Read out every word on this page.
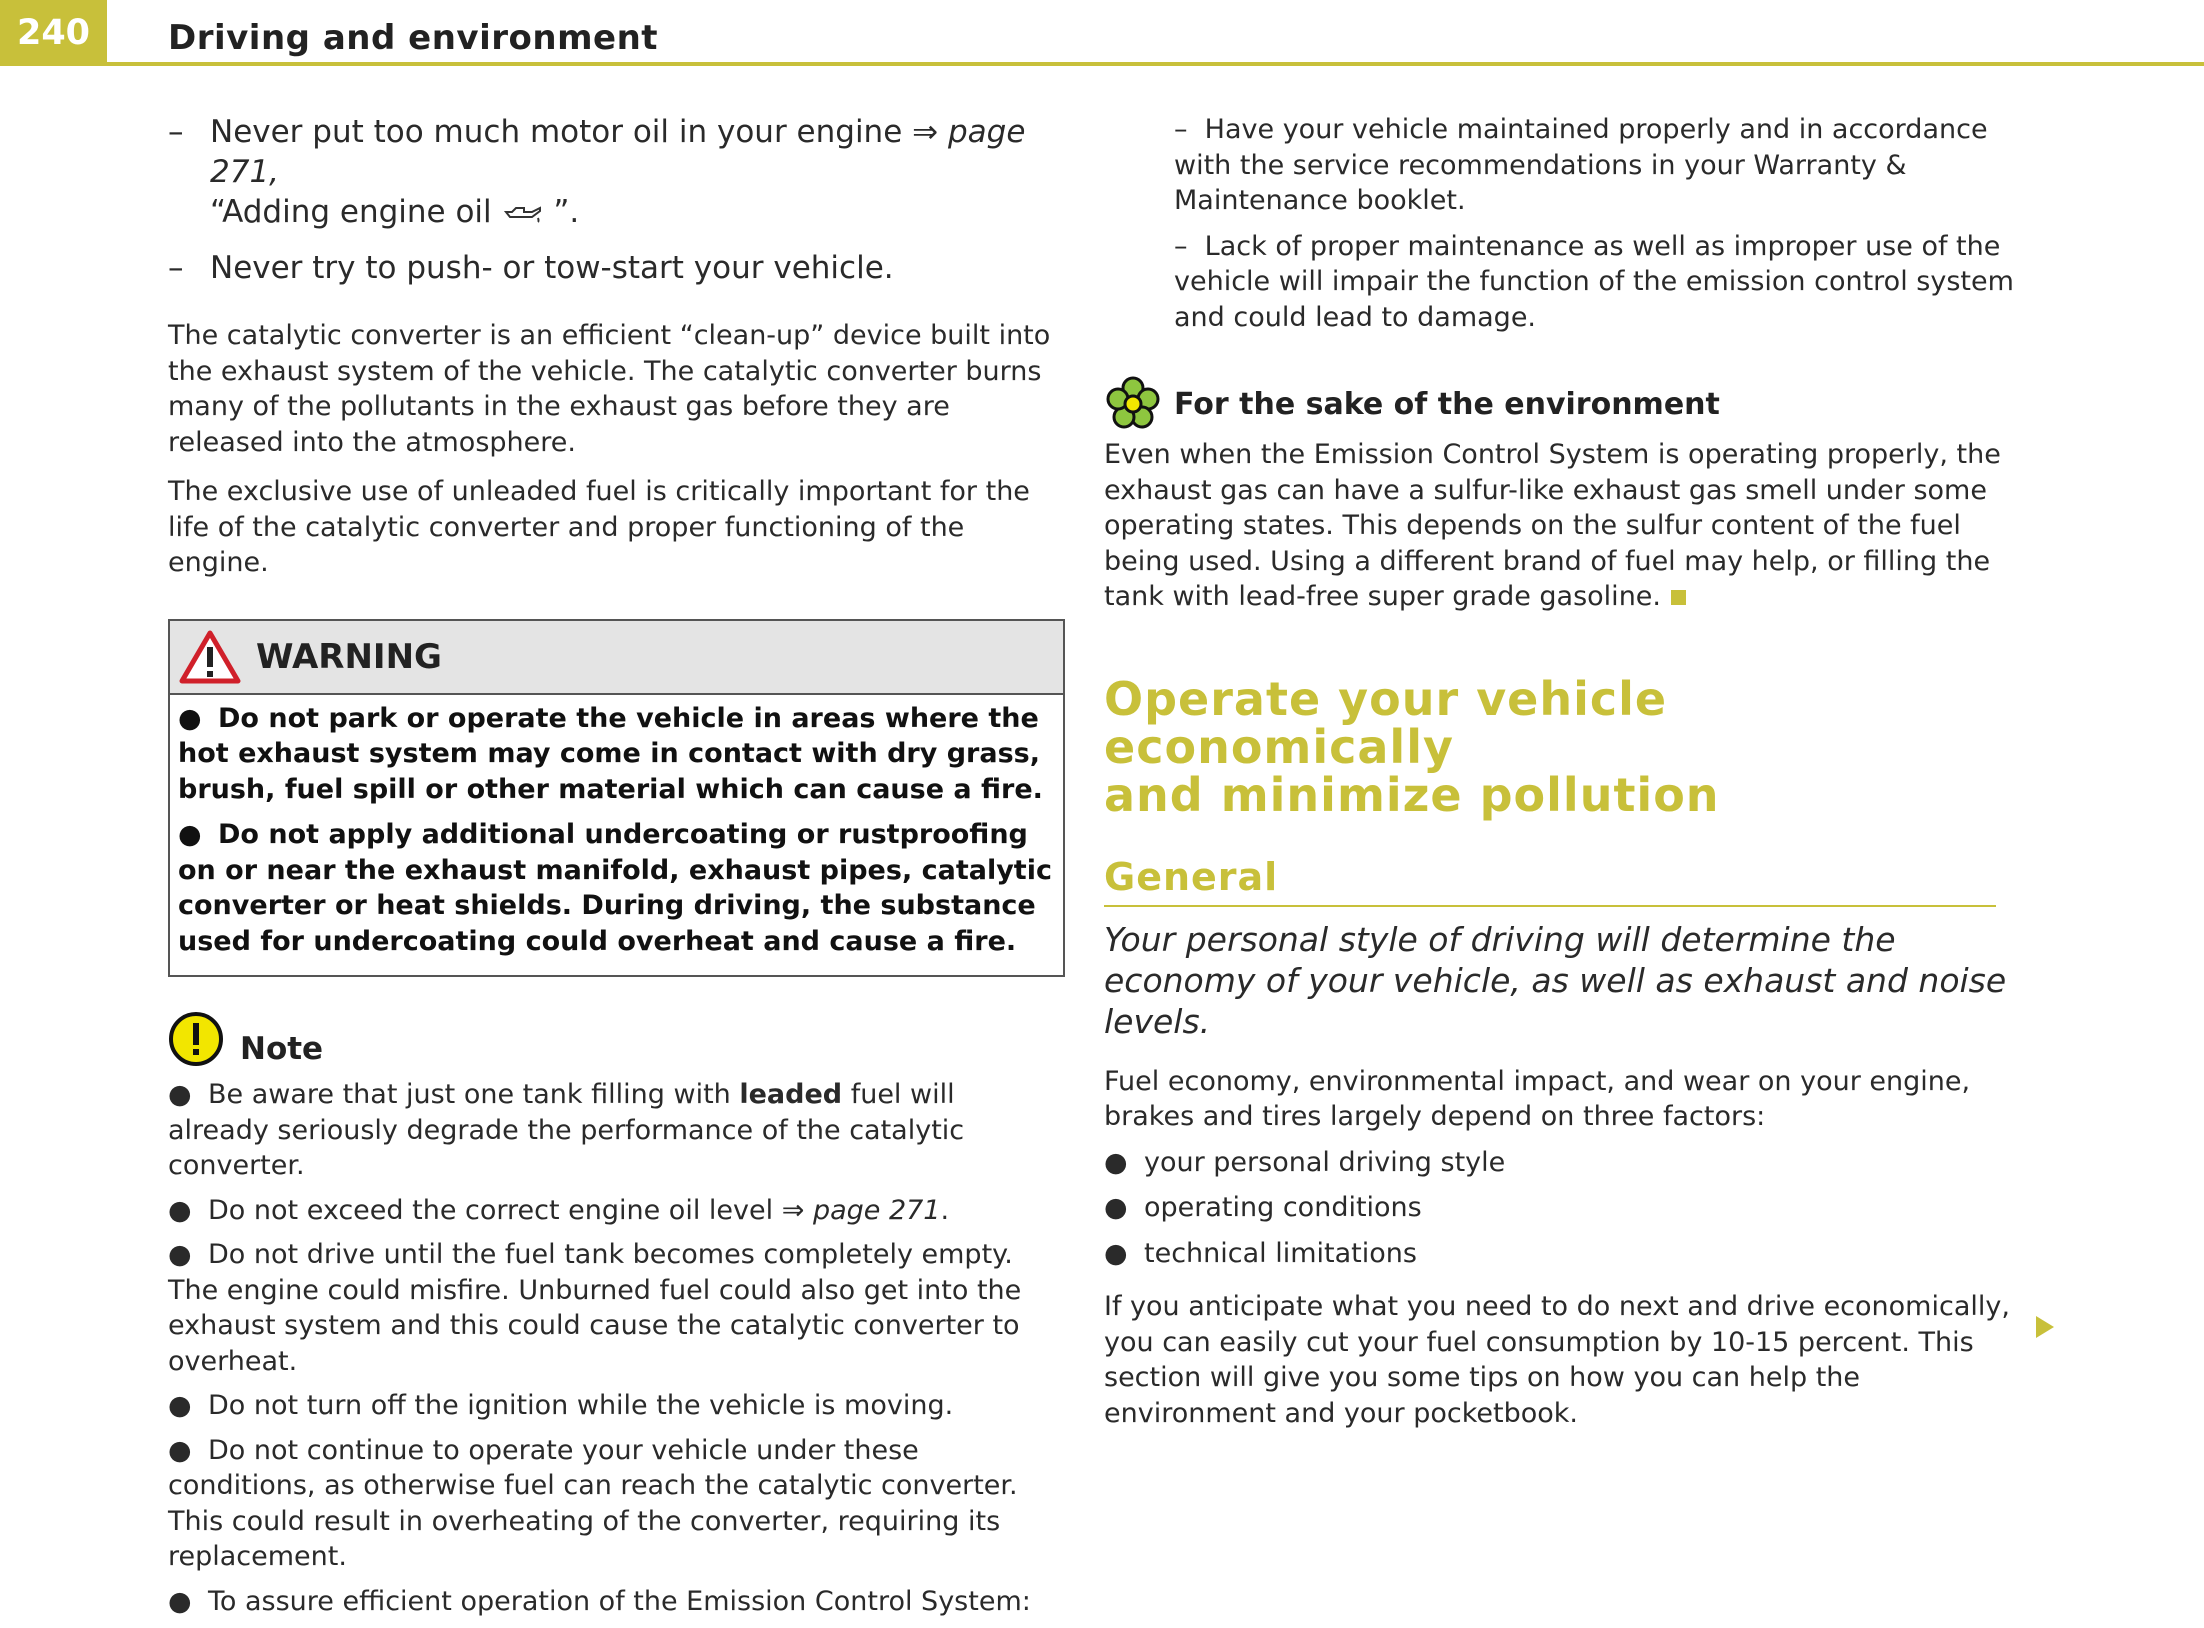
240	Driving and environment
– Never put too much motor oil in your engine ⇒ page 271,
“Adding engine oil ”.
– Never try to push- or tow-start your vehicle.

The catalytic converter is an efficient “clean-up” device built into the exhaust system of the vehicle. The catalytic converter burns many of the pollutants in the exhaust gas before they are released into the atmosphere.

The exclusive use of unleaded fuel is critically important for the life of the catalytic converter and proper functioning of the engine.

WARNING
● Do not park or operate the vehicle in areas where the hot exhaust system may come in contact with dry grass, brush, fuel spill or other material which can cause a fire.
● Do not apply additional undercoating or rustproofing on or near the exhaust manifold, exhaust pipes, catalytic converter or heat shields. During driving, the substance used for undercoating could overheat and cause a fire.
Note
● Be aware that just one tank filling with leaded fuel will already seriously degrade the performance of the catalytic converter.
● Do not exceed the correct engine oil level ⇒ page 271.
● Do not drive until the fuel tank becomes completely empty. The engine could misfire. Unburned fuel could also get into the exhaust system and this could cause the catalytic converter to overheat.
● Do not turn off the ignition while the vehicle is moving.
● Do not continue to operate your vehicle under these conditions, as otherwise fuel can reach the catalytic converter. This could result in overheating of the converter, requiring its replacement.
● To assure efficient operation of the Emission Control System:

–  Have your vehicle maintained properly and in accordance with the service recommendations in your Warranty & Maintenance booklet.

–  Lack of proper maintenance as well as improper use of the vehicle will impair the function of the emission control system and could lead to damage.

For the sake of the environment

Even when the Emission Control System is operating properly, the exhaust gas can have a sulfur-like exhaust gas smell under some operating states. This depends on the sulfur content of the fuel being used. Using a different brand of fuel may help, or filling the tank with lead-free super grade gasoline.

Operate your vehicle economically
and minimize pollution
General

Your personal style of driving will determine the economy of your vehicle, as well as exhaust and noise levels.

Fuel economy, environmental impact, and wear on your engine, brakes and tires largely depend on three factors:

● your personal driving style
● operating conditions
● technical limitations

If you anticipate what you need to do next and drive economically, you can easily cut your fuel consumption by 10-15 percent. This section will give you some tips on how you can help the environment and your pocketbook.
